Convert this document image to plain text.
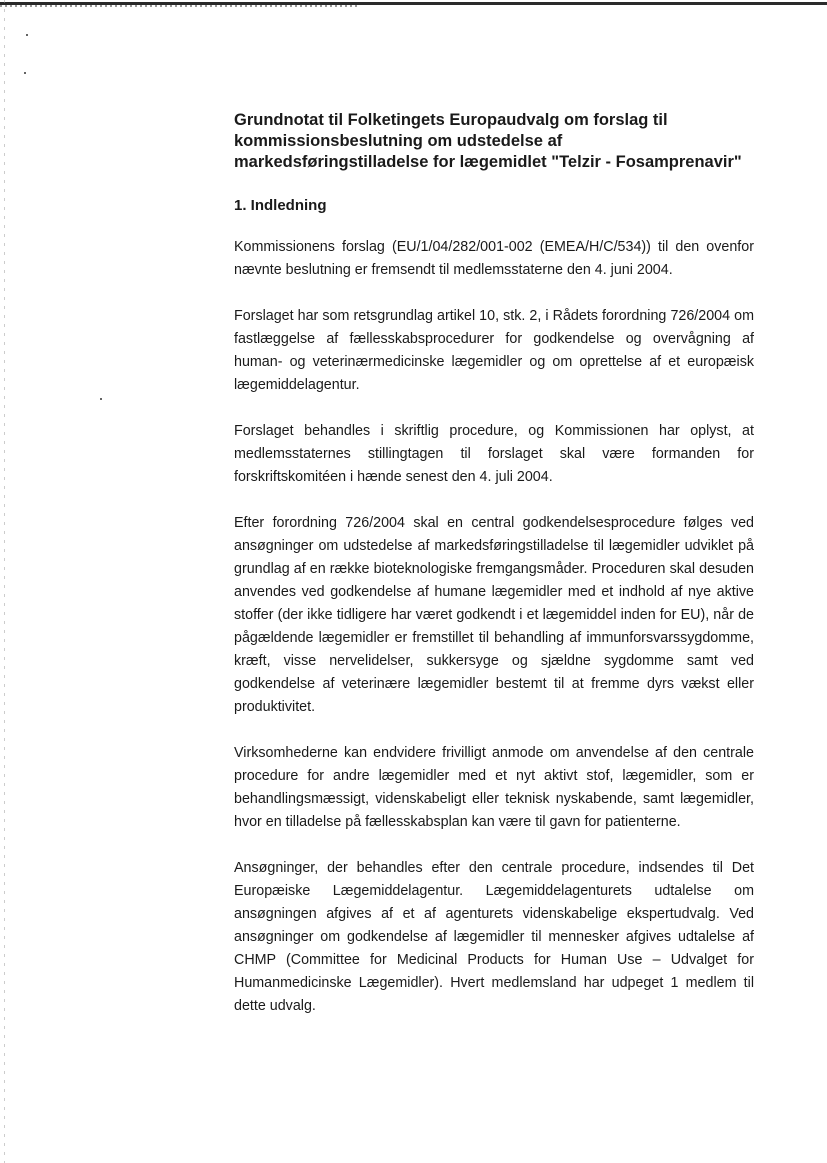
Grundnotat til Folketingets Europaudvalg om forslag til kommissionsbeslutning om udstedelse af markedsføringstilladelse for lægemidlet "Telzir - Fosamprenavir"
1. Indledning

Kommissionens forslag (EU/1/04/282/001-002 (EMEA/H/C/534)) til den ovenfor nævnte beslutning er fremsendt til medlemsstaterne den 4. juni 2004.

Forslaget har som retsgrundlag artikel 10, stk. 2, i Rådets forordning 726/2004 om fastlæggelse af fællesskabsprocedurer for godkendelse og overvågning af human- og veterinærmedicinske lægemidler og om oprettelse af et europæisk lægemiddelagentur.

Forslaget behandles i skriftlig procedure, og Kommissionen har oplyst, at medlemsstaternes stillingtagen til forslaget skal være formanden for forskriftskomitéen i hænde senest den 4. juli 2004.

Efter forordning 726/2004 skal en central godkendelsesprocedure følges ved ansøgninger om udstedelse af markedsføringstilladelse til lægemidler udviklet på grundlag af en række bioteknologiske fremgangsmåder. Proceduren skal desuden anvendes ved godkendelse af humane lægemidler med et indhold af nye aktive stoffer (der ikke tidligere har været godkendt i et lægemiddel inden for EU), når de pågældende lægemidler er fremstillet til behandling af immunforsvarssygdomme, kræft, visse nervelidelser, sukkersyge og sjældne sygdomme samt ved godkendelse af veterinære lægemidler bestemt til at fremme dyrs vækst eller produktivitet.

Virksomhederne kan endvidere frivilligt anmode om anvendelse af den centrale procedure for andre lægemidler med et nyt aktivt stof, lægemidler, som er behandlingsmæssigt, videnskabeligt eller teknisk nyskabende, samt lægemidler, hvor en tilladelse på fællesskabsplan kan være til gavn for patienterne.

Ansøgninger, der behandles efter den centrale procedure, indsendes til Det Europæiske Lægemiddelagentur. Lægemiddelagenturets udtalelse om ansøgningen afgives af et af agenturets videnskabelige ekspertudvalg. Ved ansøgninger om godkendelse af lægemidler til mennesker afgives udtalelse af CHMP (Committee for Medicinal Products for Human Use – Udvalget for Humanmedicinske Lægemidler). Hvert medlemsland har udpeget 1 medlem til dette udvalg.
